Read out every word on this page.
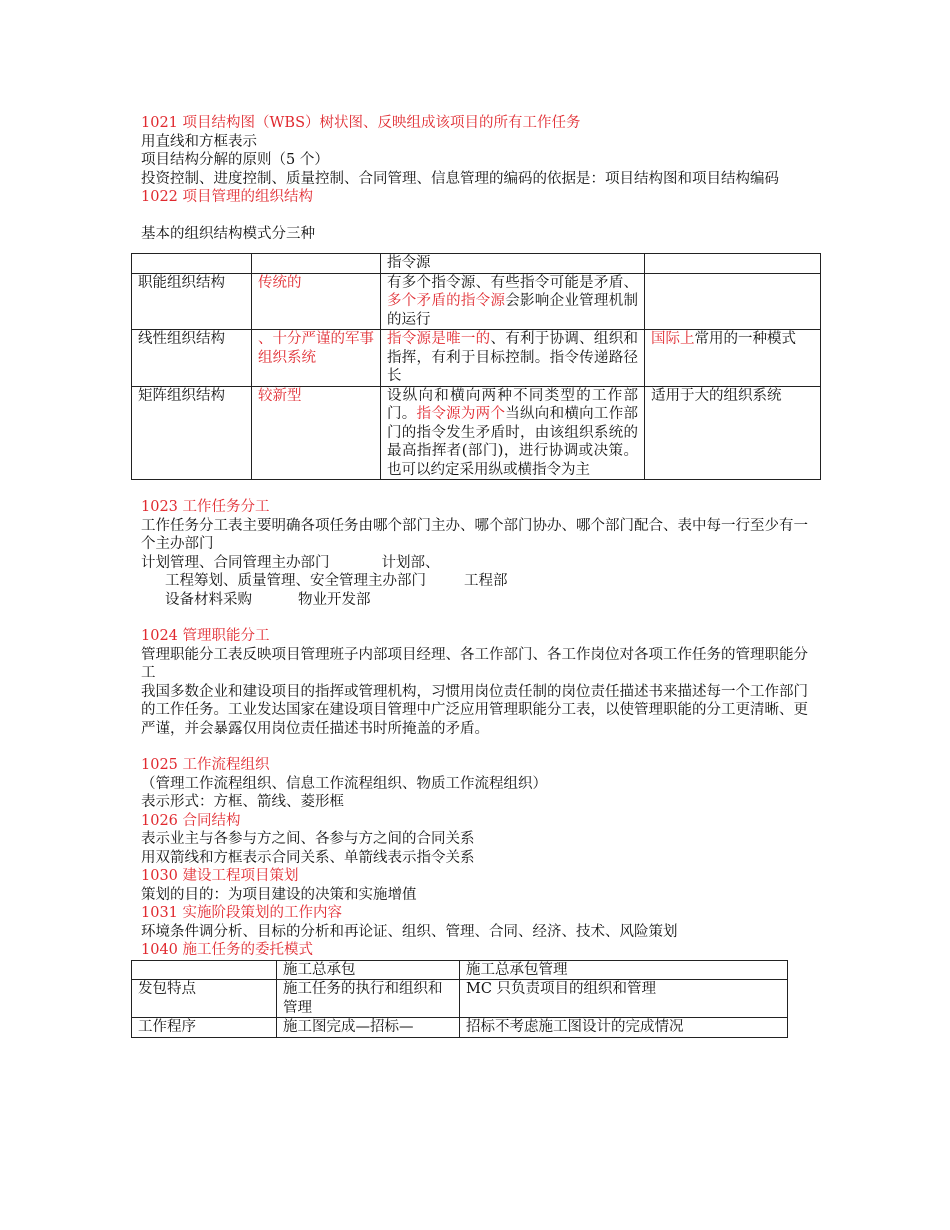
1021 项目结构图（WBS）树状图、反映组成该项目的所有工作任务

用直线和方框表示

项目结构分解的原则（5 个）

投资控制、进度控制、质量控制、合同管理、信息管理的编码的依据是：项目结构图和项目结构编码

1022 项目管理的组织结构

基本的组织结构模式分三种

		指令源	
职能组织结构	传统的	有多个指令源、有些指令可能是矛盾、多个矛盾的指令源会影响企业管理机制的运行	
线性组织结构	、十分严谨的军事组织系统	指令源是唯一的、有利于协调、组织和指挥，有利于目标控制。指令传递路径长	国际上常用的一种模式
矩阵组织结构	较新型	设纵向和横向两种不同类型的工作部门。指令源为两个当纵向和横向工作部门的指令发生矛盾时，由该组织系统的最高指挥者(部门)，进行协调或决策。也可以约定采用纵或横指令为主	适用于大的组织系统

1023 工作任务分工

工作任务分工表主要明确各项任务由哪个部门主办、哪个部门协办、哪个部门配合、表中每一行至少有一个主办部门

计划管理、合同管理主办部门	计划部、

工程筹划、质量管理、安全管理主办部门	工程部

设备材料采购	物业开发部

1024 管理职能分工

管理职能分工表反映项目管理班子内部项目经理、各工作部门、各工作岗位对各项工作任务的管理职能分工

我国多数企业和建设项目的指挥或管理机构，习惯用岗位责任制的岗位责任描述书来描述每一个工作部门的工作任务。工业发达国家在建设项目管理中广泛应用管理职能分工表，以使管理职能的分工更清晰、更严谨，并会暴露仅用岗位责任描述书时所掩盖的矛盾。

1025 工作流程组织

（管理工作流程组织、信息工作流程组织、物质工作流程组织）

表示形式：方框、箭线、菱形框

1026 合同结构

表示业主与各参与方之间、各参与方之间的合同关系

用双箭线和方框表示合同关系、单箭线表示指令关系

1030 建设工程项目策划

策划的目的：为项目建设的决策和实施增值

1031 实施阶段策划的工作内容

环境条件调分析、目标的分析和再论证、组织、管理、合同、经济、技术、风险策划

1040 施工任务的委托模式

	施工总承包	施工总承包管理
发包特点	施工任务的执行和组织和管理	MC 只负责项目的组织和管理
工作程序	施工图完成—招标—	招标不考虑施工图设计的完成情况
